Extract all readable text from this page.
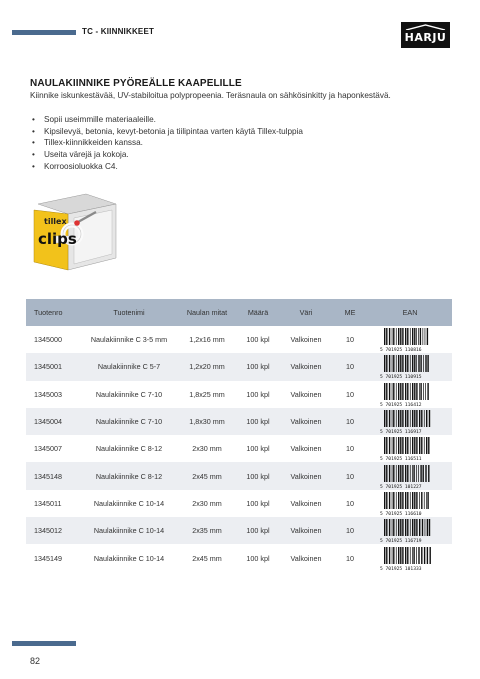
TC - KIINNIKKEET	HARJU
NAULAKIINNIKE PYÖREÄLLE KAAPELILLE
Kiinnike iskunkestävää, UV-stabiloitua polypropeenia. Teräsnaula on sähkösinkitty ja haponkestävä.
• Sopii useimmille materiaaleille.
• Kipsilevyä, betonia, kevyt-betonia ja tiilipintaa varten käytä Tillex-tulppia
• Tillex-kiinnikkeiden kanssa.
• Useita värejä ja kokoja.
• Korroosioluokka C4.
tillex
clips
Tuotenro	Tuotenimi	Naulan mitat	Määrä	Väri	ME	EAN
1345000	Naulakiinnike C 3-5 mm	1,2x16 mm	100 kpl	Valkoinen	10	5 701925 110816

1345001	Naulakiinnike C 5-7	1,2x20 mm	100 kpl	Valkoinen	10	5 701925 110915

1345003	Naulakiinnike C 7-10	1,8x25 mm	100 kpl	Valkoinen	10	5 701925 116412

1345004	Naulakiinnike C 7-10	1,8x30 mm	100 kpl	Valkoinen	10	5 701925 116917

1345007	Naulakiinnike C 8-12	2x30 mm	100 kpl	Valkoinen	10	5 701925 116511

1345148	Naulakiinnike C 8-12	2x45 mm	100 kpl	Valkoinen	10	5 701925 101227

1345011	Naulakiinnike C 10-14	2x30 mm	100 kpl	Valkoinen	10	5 701925 116610

1345012	Naulakiinnike C 10-14	2x35 mm	100 kpl	Valkoinen	10	5 701925 116719

1345149	Naulakiinnike C 10-14	2x45 mm	100 kpl	Valkoinen	10	5 701925 101333
82
